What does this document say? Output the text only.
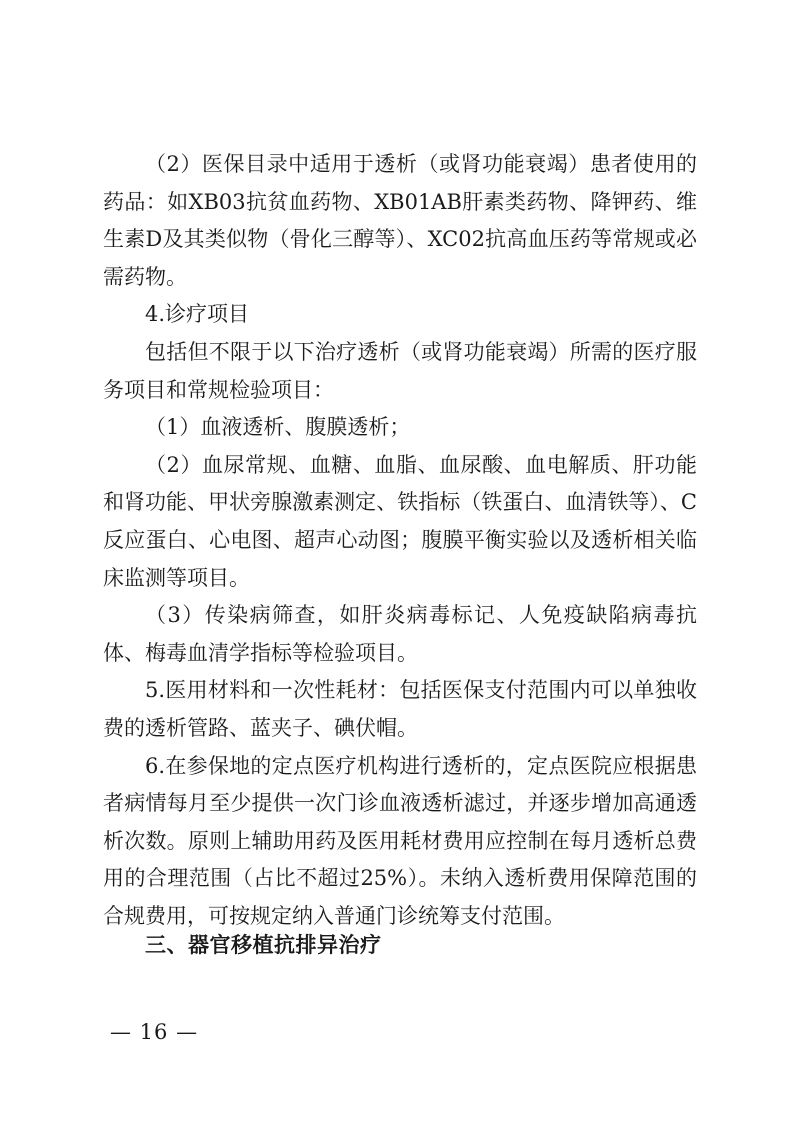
（2）医保目录中适用于透析（或肾功能衰竭）患者使用的药品：如XB03抗贫血药物、XB01AB肝素类药物、降钾药、维生素D及其类似物（骨化三醇等）、XC02抗高血压药等常规或必需药物。

4.诊疗项目

包括但不限于以下治疗透析（或肾功能衰竭）所需的医疗服务项目和常规检验项目：

（1）血液透析、腹膜透析；

（2）血尿常规、血糖、血脂、血尿酸、血电解质、肝功能和肾功能、甲状旁腺激素测定、铁指标（铁蛋白、血清铁等）、C反应蛋白、心电图、超声心动图；腹膜平衡实验以及透析相关临床监测等项目。

（3）传染病筛查，如肝炎病毒标记、人免疫缺陷病毒抗体、梅毒血清学指标等检验项目。

5.医用材料和一次性耗材：包括医保支付范围内可以单独收费的透析管路、蓝夹子、碘伏帽。

6.在参保地的定点医疗机构进行透析的，定点医院应根据患者病情每月至少提供一次门诊血液透析滤过，并逐步增加高通透析次数。原则上辅助用药及医用耗材费用应控制在每月透析总费用的合理范围（占比不超过25%）。未纳入透析费用保障范围的合规费用，可按规定纳入普通门诊统筹支付范围。

三、器官移植抗排异治疗
— 16 —
